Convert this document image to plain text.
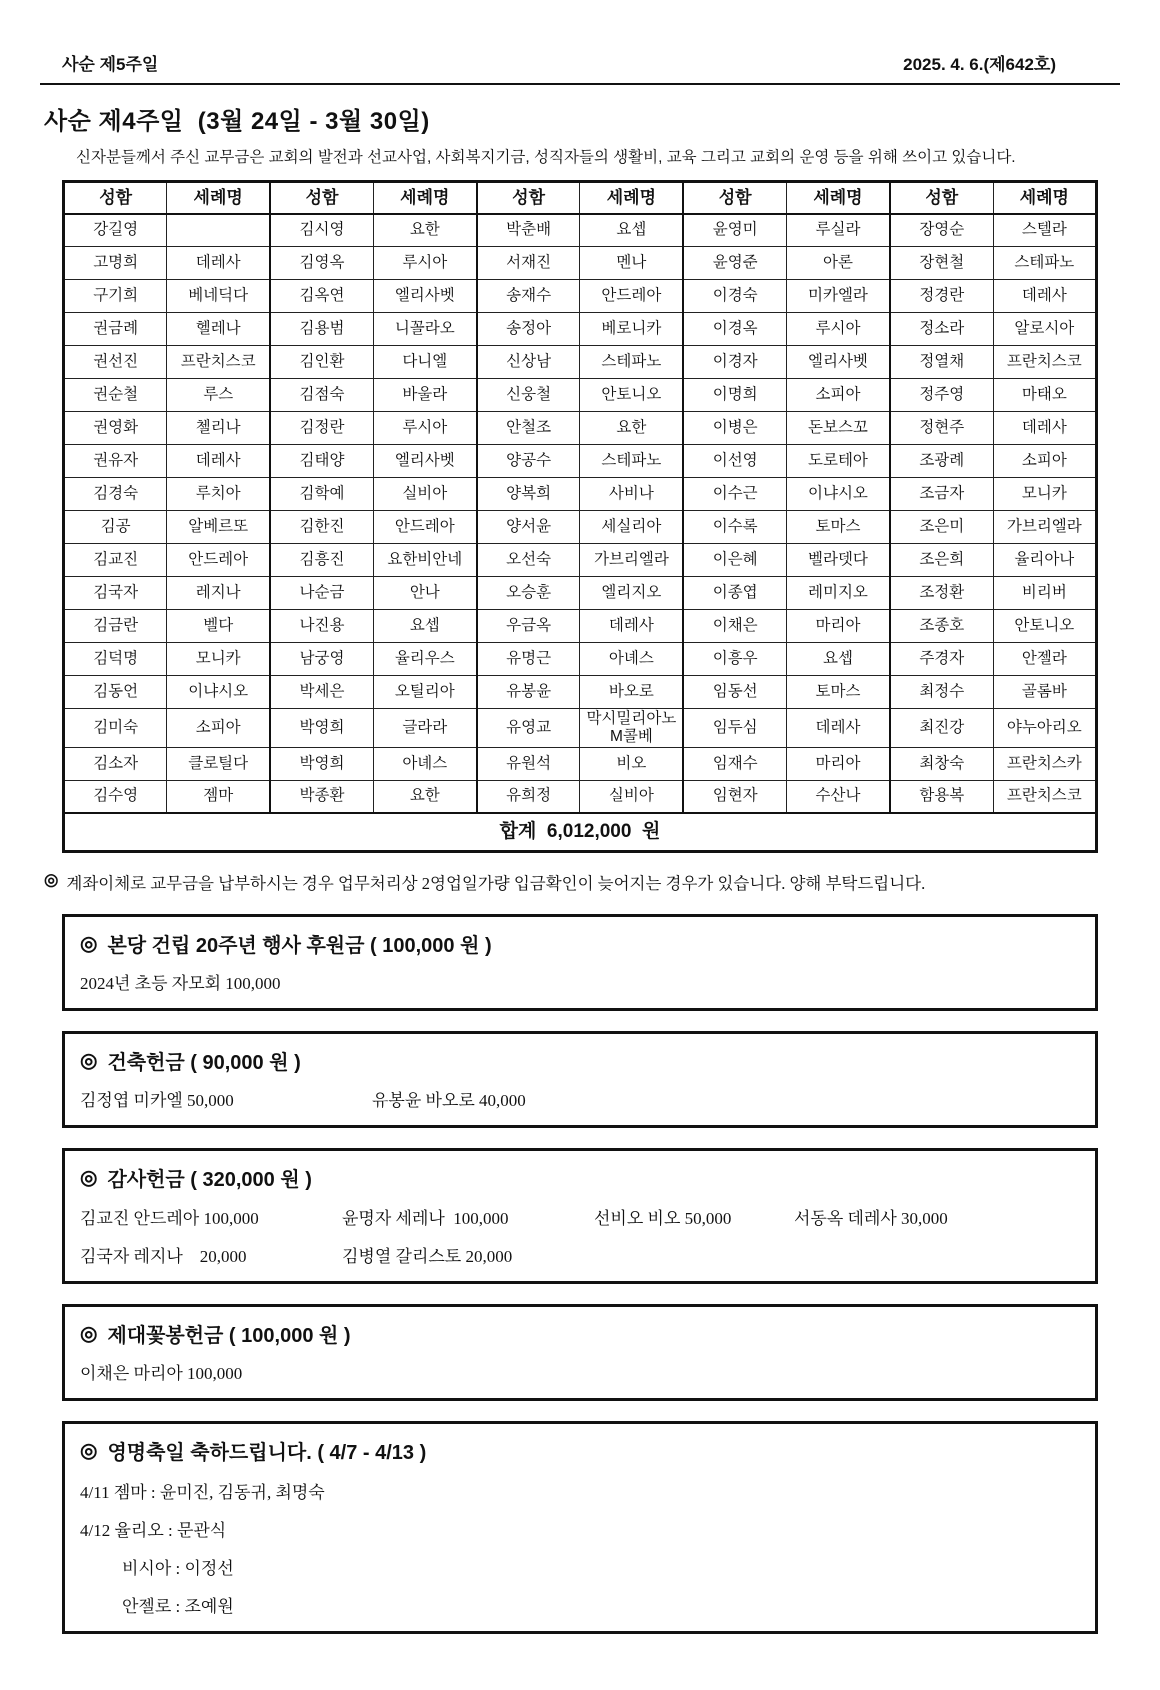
사순 제5주일	2025. 4. 6.(제642호)
사순 제4주일  (3월 24일 - 3월 30일)

신자분들께서 주신 교무금은 교회의 발전과 선교사업, 사회복지기금, 성직자들의 생활비, 교육 그리고 교회의 운영 등을 위해 쓰이고 있습니다.

성함	세례명	성함	세례명	성함	세례명	성함	세례명	성함	세례명
강길영		김시영	요한	박춘배	요셉	윤영미	루실라	장영순	스텔라
고명희	데레사	김영옥	루시아	서재진	멘나	윤영준	아론	장현철	스테파노
구기희	베네딕다	김옥연	엘리사벳	송재수	안드레아	이경숙	미카엘라	정경란	데레사
권금례	헬레나	김용범	니꼴라오	송정아	베로니카	이경옥	루시아	정소라	알로시아
권선진	프란치스코	김인환	다니엘	신상남	스테파노	이경자	엘리사벳	정열채	프란치스코
권순철	루스	김점숙	바울라	신웅철	안토니오	이명희	소피아	정주영	마태오
권영화	첼리나	김정란	루시아	안철조	요한	이병은	돈보스꼬	정현주	데레사
권유자	데레사	김태양	엘리사벳	양공수	스테파노	이선영	도로테아	조광례	소피아
김경숙	루치아	김학예	실비아	양복희	사비나	이수근	이냐시오	조금자	모니카
김공	알베르또	김한진	안드레아	양서윤	세실리아	이수록	토마스	조은미	가브리엘라
김교진	안드레아	김흥진	요한비안네	오선숙	가브리엘라	이은혜	벨라뎃다	조은희	율리아나
김국자	레지나	나순금	안나	오승훈	엘리지오	이종엽	레미지오	조정환	비리버
김금란	벨다	나진용	요셉	우금옥	데레사	이채은	마리아	조종호	안토니오
김덕명	모니카	남궁영	율리우스	유명근	아녜스	이흥우	요셉	주경자	안젤라
김동언	이냐시오	박세은	오틸리아	유봉윤	바오로	임동선	토마스	최정수	골롬바
김미숙	소피아	박영희	글라라	유영교	막시밀리아노M콜베	임두심	데레사	최진강	야누아리오
김소자	클로틸다	박영희	아녜스	유원석	비오	임재수	마리아	최창숙	프란치스카
김수영	젬마	박종환	요한	유희정	실비아	임현자	수산나	함용복	프란치스코
합계  6,012,000  원									

◎ 계좌이체로 교무금을 납부하시는 경우 업무처리상 2영업일가량 입금확인이 늦어지는 경우가 있습니다. 양해 부탁드립니다.

◎ 본당 건립 20주년 행사 후원금 ( 100,000 원 )

2024년 초등 자모회 100,000

◎ 건축헌금 ( 90,000 원 )

김정엽 미카엘 50,000	유봉윤 바오로 40,000

◎ 감사헌금 ( 320,000 원 )
김교진 안드레아 100,000	윤명자 세레나  100,000	선비오 비오 50,000	서동옥 데레사 30,000
김국자 레지나    20,000	김병열 갈리스토 20,000
◎ 제대꽃봉헌금 ( 100,000 원 )

이채은 마리아 100,000

◎ 영명축일 축하드립니다. ( 4/7 - 4/13 )

4/11 젬마 : 윤미진, 김동귀, 최명숙

4/12 율리오 : 문관식

비시아 : 이정선

안젤로 : 조예원
